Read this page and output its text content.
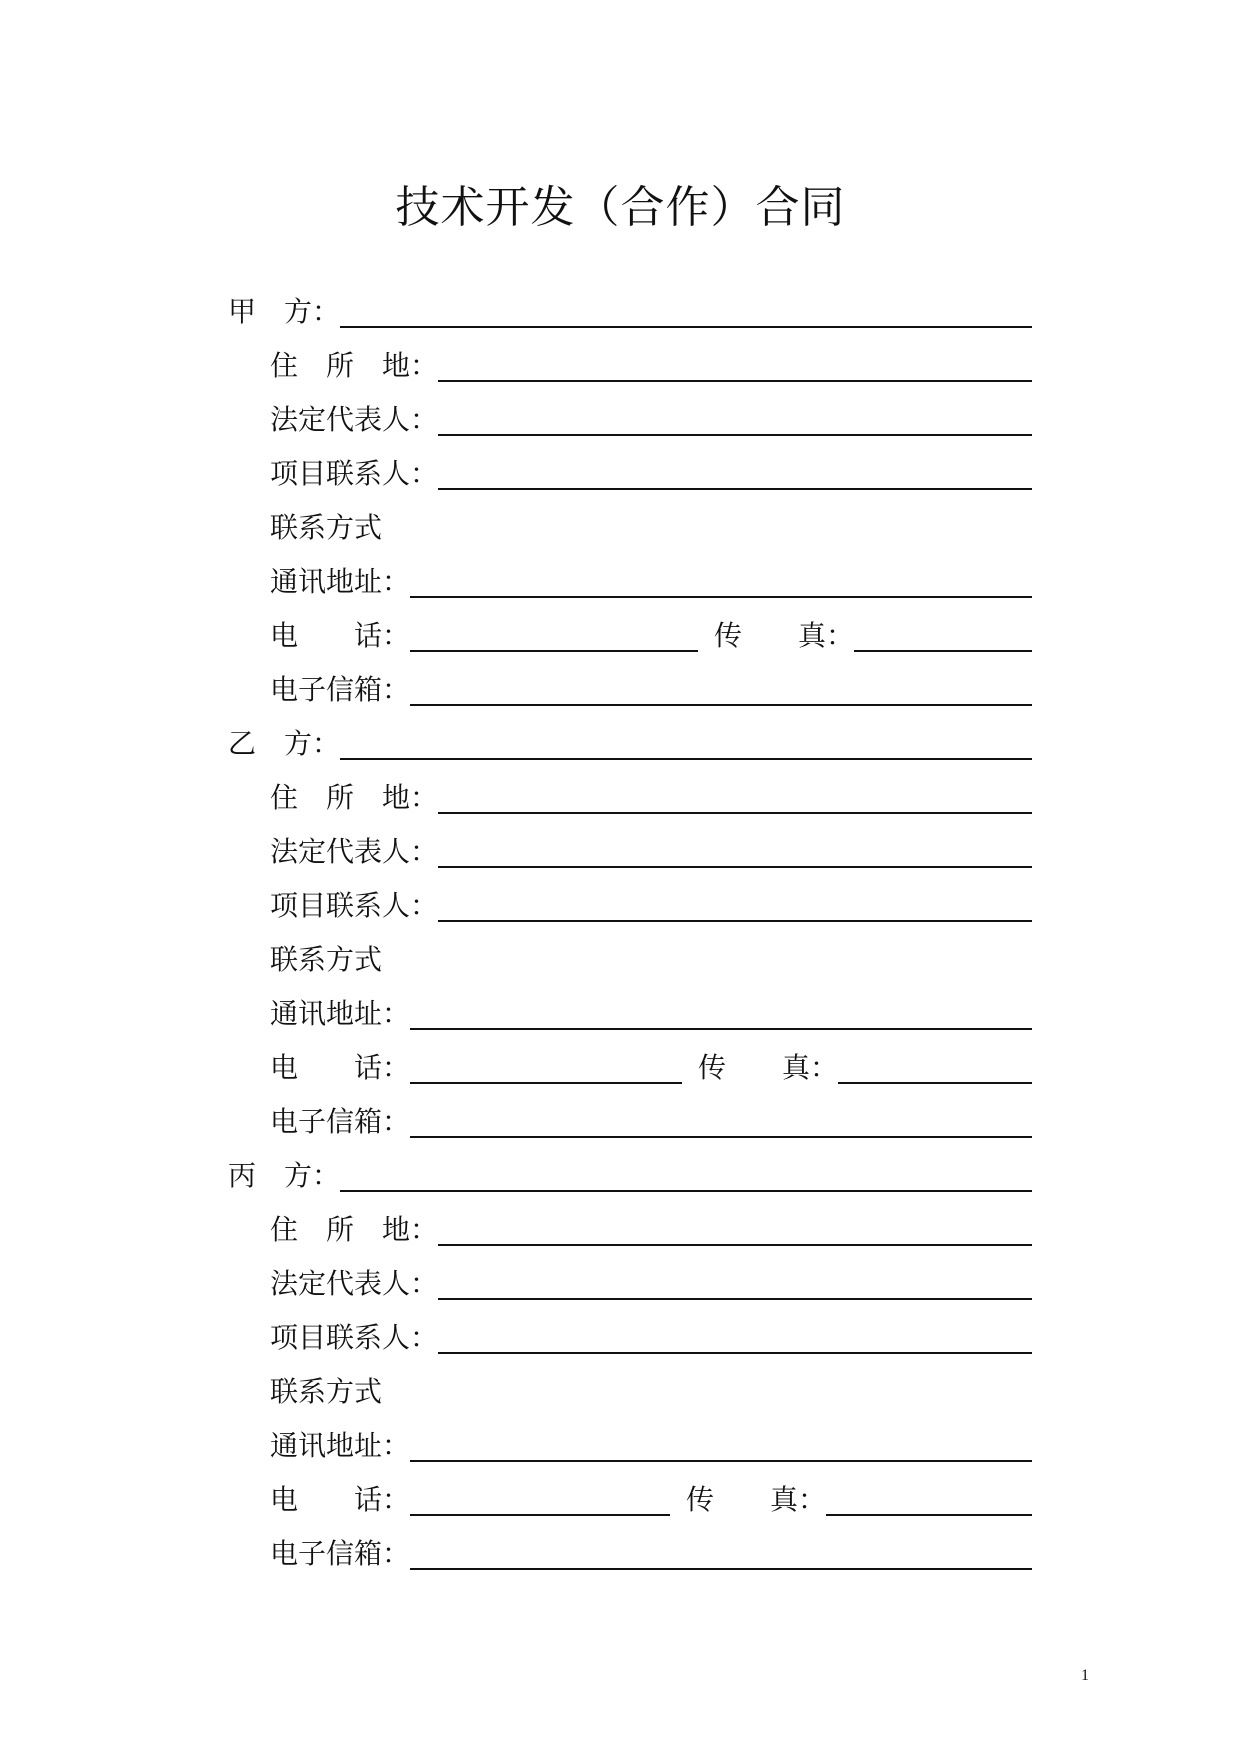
技术开发（合作）合同
甲　方：
住　所　地：
法定代表人：
项目联系人：
联系方式
通讯地址：
电　　话：	传　　真：
电子信箱：
乙　方：
住　所　地：
法定代表人：
项目联系人：
联系方式
通讯地址：
电　　话：	传　　真：
电子信箱：
丙　方：
住　所　地：
法定代表人：
项目联系人：
联系方式
通讯地址：
电　　话：	传　　真：
电子信箱：
1
